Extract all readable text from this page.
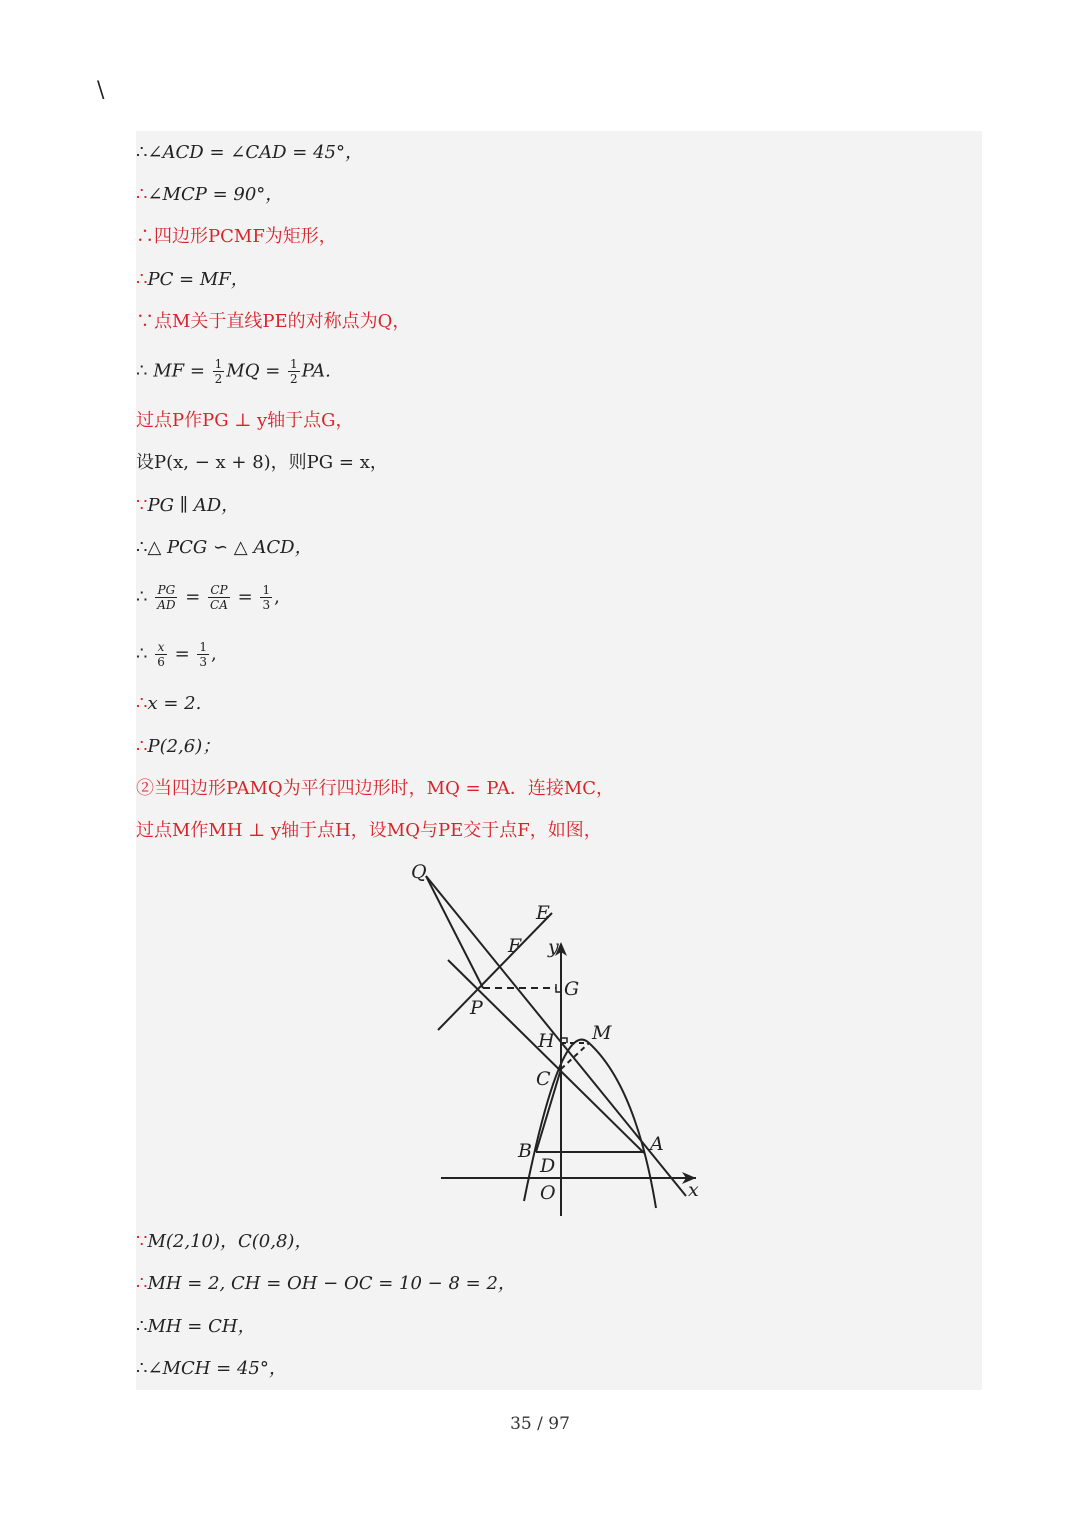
\
∴∠ACD = ∠CAD = 45°，
∴∠MCP = 90°，
∴四边形PCMF为矩形，
∴PC = MF，
∵点M关于直线PE的对称点为Q，
∴ MF = $\frac{1}{2}$ MQ = $\frac{1}{2}$ PA.
过点P作PG ⊥ y轴于点G，
设P(x, − x + 8)，则PG = x，
∵PG ∥ AD，
∴△ PCG ∽ △ ACD，
∴ $\frac{PG}{AD} = \frac{CP}{CA} = \frac{1}{3}$ ,
∴ $\frac{x}{6} = \frac{1}{3}$ ,
∴x = 2.
∴P(2,6)；
②当四边形PAMQ为平行四边形时，MQ = PA．连接MC，
过点M作MH ⊥ y轴于点H，设MQ与PE交于点F，如图，
Q
E
F y
G
P
H M
C
B	A
D
O	x
∵M(2,10)，C(0,8)，
∴MH = 2, CH = OH − OC = 10 − 8 = 2，
∴MH = CH，
∴∠MCH = 45°，
35 / 97
